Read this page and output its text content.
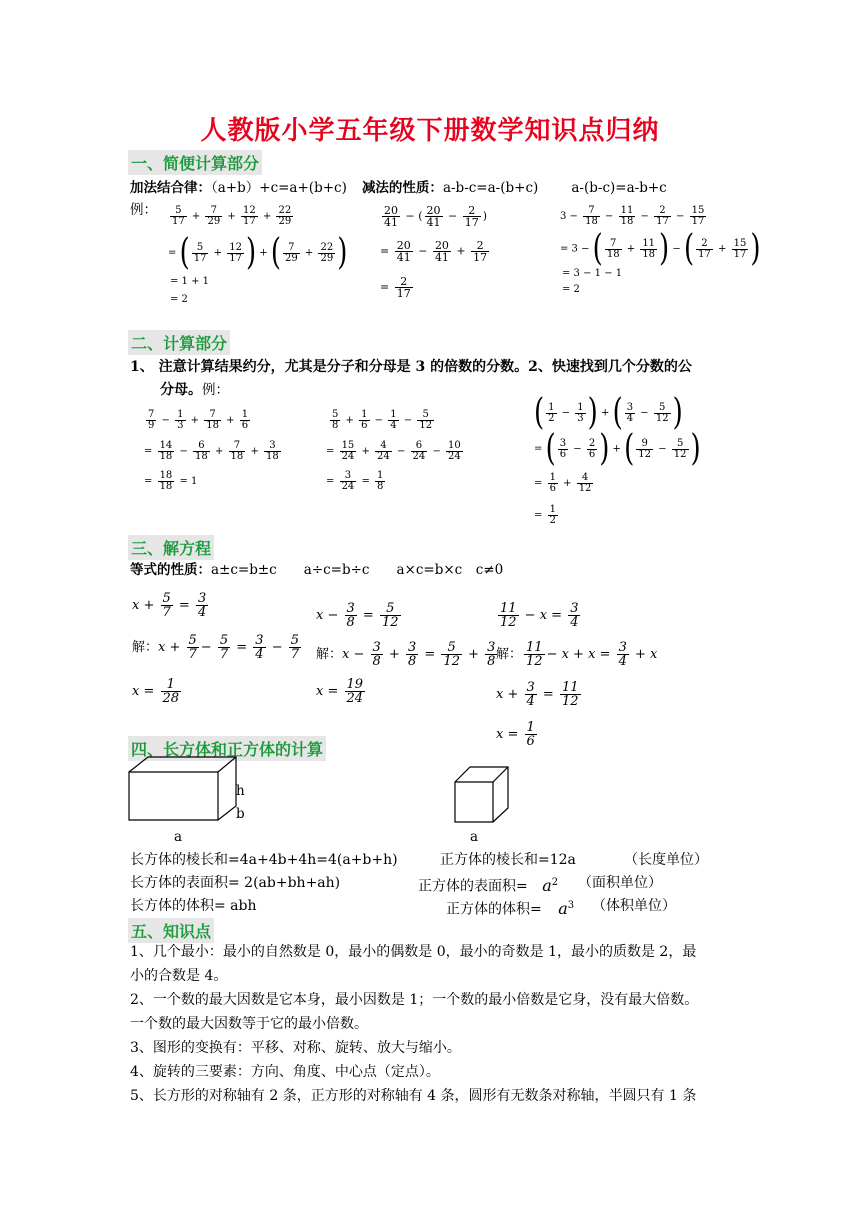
人教版小学五年级下册数学知识点归纳
一、简便计算部分
加法结合律：（a+b）+c=a+(b+c) 减法的性质：a-b-c=a-(b+c) a-(b-c)=a-b+c
例： $\frac{5}{17} + \frac{7}{29} + \frac{12}{17} + \frac{22}{29}$
= ( $\frac{5}{17} + \frac{12}{17}$ ) + ( $\frac{7}{29} + \frac{22}{29}$ )
= 1 + 1
= 2
$\frac{20}{41}$ − ( $\frac{20}{41} - \frac{2}{17}$ )
= $\frac{20}{41} - \frac{20}{41} + \frac{2}{17}$
= $\frac{2}{17}$
$3 - \frac{7}{18} - \frac{11}{18} - \frac{2}{17} - \frac{15}{17}$
= 3 − ( $\frac{7}{18} + \frac{11}{18}$ ) − ( $\frac{2}{17} + \frac{15}{17}$ )
= 3 − 1 − 1
= 2
二、计算部分
1、 注意计算结果约分，尤其是分子和分母是 3 的倍数的分数。2、快速找到几个分数的公
分母。例：
$\frac{7}{9} - \frac{1}{3} + \frac{7}{18} + \frac{1}{6}$
= $\frac{14}{18} - \frac{6}{18} + \frac{7}{18} + \frac{3}{18}$
= $\frac{18}{18} = 1$
$\frac{5}{8} + \frac{1}{6} - \frac{1}{4} - \frac{5}{12}$
= $\frac{15}{24} + \frac{4}{24} - \frac{6}{24} - \frac{10}{24}$
= $\frac{3}{24} = \frac{1}{8}$
( $\frac{1}{2} - \frac{1}{3}$ ) + ( $\frac{3}{4} - \frac{5}{12}$ )
= ( $\frac{3}{6} - \frac{2}{6}$ ) + ( $\frac{9}{12} - \frac{5}{12}$ )
= $\frac{1}{6} + \frac{4}{12}$
= $\frac{1}{2}$
三、解方程
等式的性质：a±c=b±c　　a÷c=b÷c　　a×c=b×c　c≠0
$x + \frac{5}{7} = \frac{3}{4}$
解：$x + \frac{5}{7} - \frac{5}{7} = \frac{3}{4} - \frac{5}{7}$
$x = \frac{1}{28}$
$x - \frac{3}{8} = \frac{5}{12}$
解：$x - \frac{3}{8} + \frac{3}{8} = \frac{5}{12} + \frac{3}{8}$
$x = \frac{19}{24}$
$\frac{11}{12} - x = \frac{3}{4}$
解： $\frac{11}{12} - x + x = \frac{3}{4} + x$
$x + \frac{3}{4} = \frac{11}{12}$
$x = \frac{1}{6}$
四、长方体和正方体的计算
h
b
a	a
长方体的棱长和=4a+4b+4h=4(a+b+h)	正方体的棱长和=12a	（长度单位）
长方体的表面积= 2(ab+bh+ah)	正方体的表面积= $a^2$ （面积单位）
长方体的体积= abh	正方体的体积= $a^3$ （体积单位）
五、知识点
1、几个最小：最小的自然数是 0，最小的偶数是 0，最小的奇数是 1，最小的质数是 2，最
小的合数是 4。
2、一个数的最大因数是它本身，最小因数是 1；一个数的最小倍数是它身，没有最大倍数。
一个数的最大因数等于它的最小倍数。
3、图形的变换有：平移、对称、旋转、放大与缩小。
4、旋转的三要素：方向、角度、中心点（定点）。
5、长方形的对称轴有 2 条，正方形的对称轴有 4 条，圆形有无数条对称轴，半圆只有 1 条
